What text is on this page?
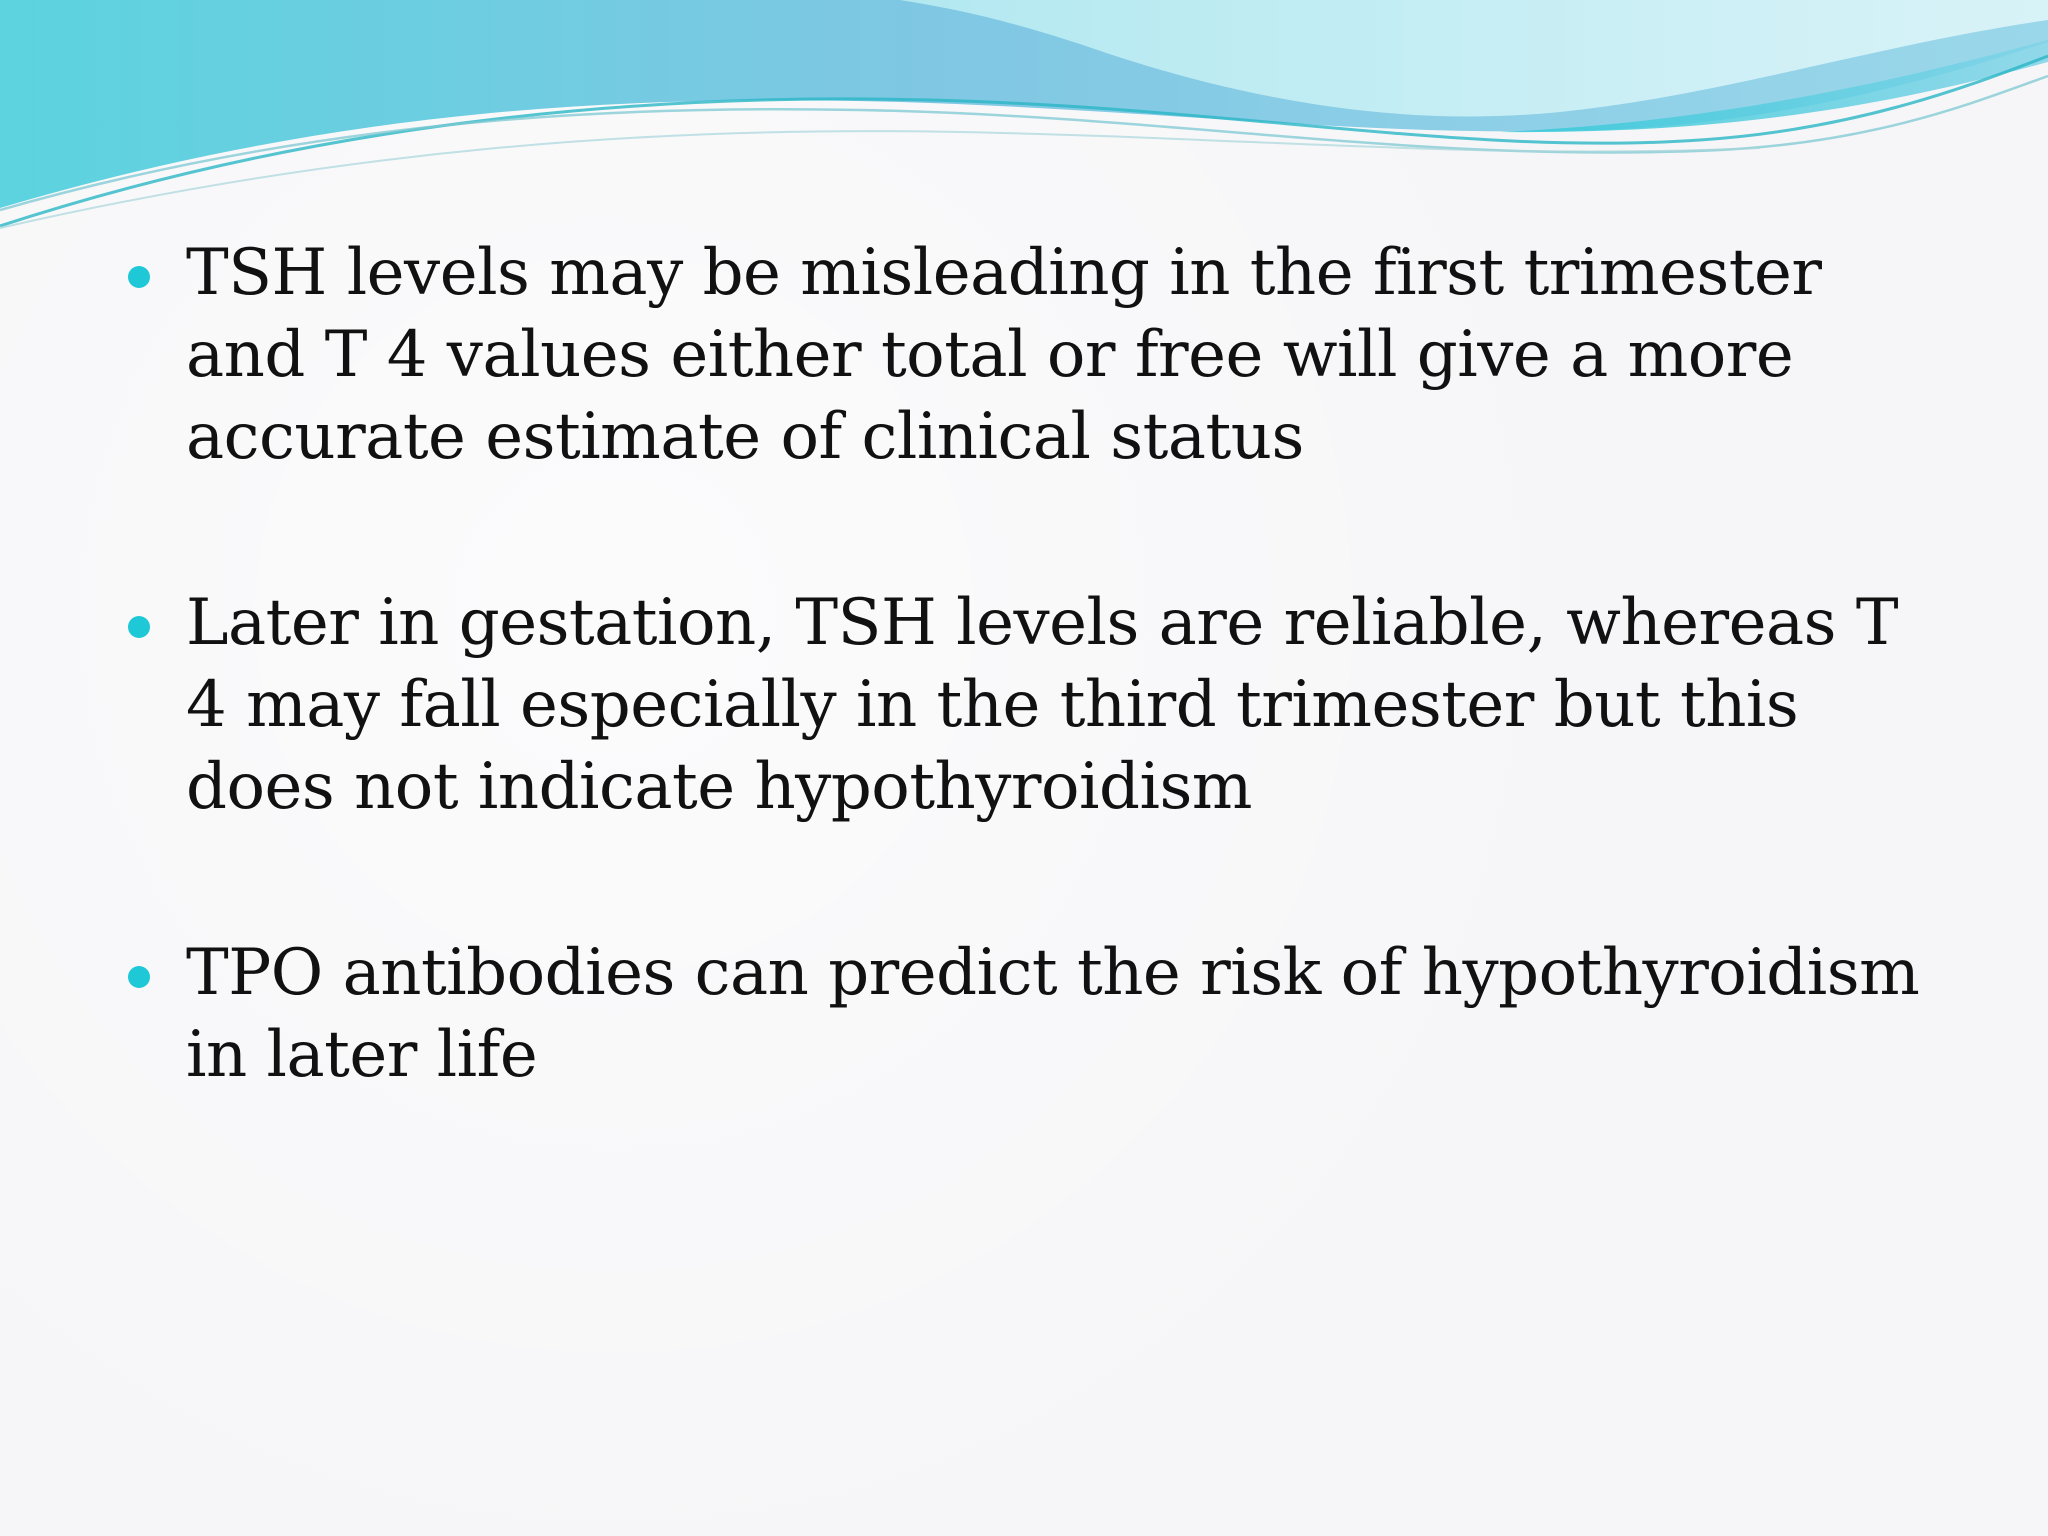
TSH levels may be misleading in the first trimester and T 4 values either total or free will give a more accurate estimate of clinical status
Later in gestation, TSH levels are reliable, whereas T 4 may fall especially in the third trimester but this does not indicate hypothyroidism
TPO antibodies can predict the risk of hypothyroidism in later life
